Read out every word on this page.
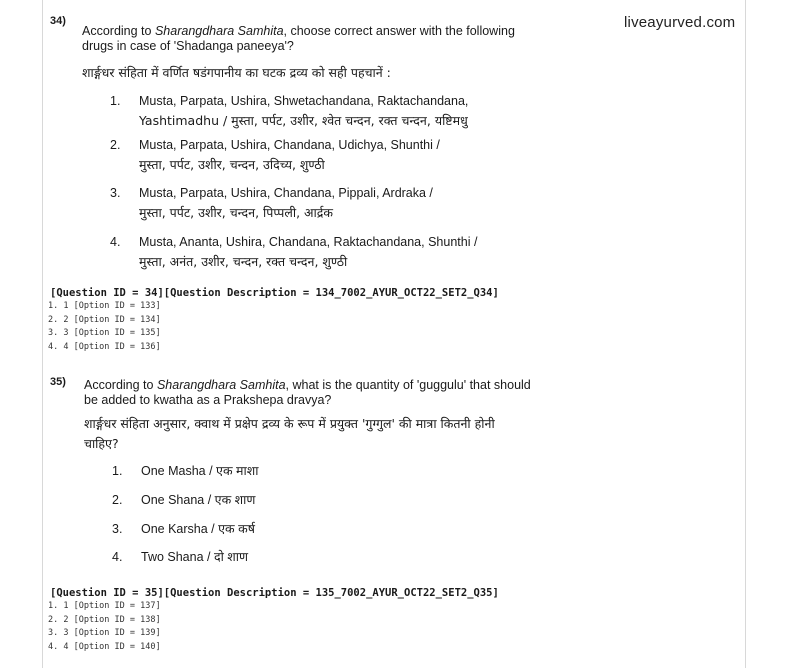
liveayurved.com
34)
According to Sharangdhara Samhita, choose correct answer with the following
drugs in case of 'Shadanga paneeya'?
शार्ङ्गधर संहिता में वर्णित षडंगपानीय का घटक द्रव्य को सही पहचानें :
1. Musta, Parpata, Ushira, Shwetachandana, Raktachandana,
Yashtimadhu / मुस्ता, पर्पट, उशीर, श्वेत चन्दन, रक्त चन्दन, यष्टिमधु
2. Musta, Parpata, Ushira, Chandana, Udichya, Shunthi /
मुस्ता, पर्पट, उशीर, चन्दन, उदिच्य, शुण्ठी
3. Musta, Parpata, Ushira, Chandana, Pippali, Ardraka /
मुस्ता, पर्पट, उशीर, चन्दन, पिप्पली, आर्द्रक
4. Musta, Ananta, Ushira, Chandana, Raktachandana, Shunthi /
मुस्ता, अनंत, उशीर, चन्दन, रक्त चन्दन, शुण्ठी
[Question ID = 34][Question Description = 134_7002_AYUR_OCT22_SET2_Q34]
1. 1 [Option ID = 133]
2. 2 [Option ID = 134]
3. 3 [Option ID = 135]
4. 4 [Option ID = 136]
35) According to Sharangdhara Samhita, what is the quantity of 'guggulu' that should
be added to kwatha as a Prakshepa dravya?
शार्ङ्गधर संहिता अनुसार, क्वाथ में प्रक्षेप द्रव्य के रूप में प्रयुक्त 'गुग्गुल' की मात्रा कितनी होनी
चाहिए?
1. One Masha / एक माशा
2. One Shana / एक शाण
3. One Karsha / एक कर्ष
4. Two Shana / दो शाण
[Question ID = 35][Question Description = 135_7002_AYUR_OCT22_SET2_Q35]
1. 1 [Option ID = 137]
2. 2 [Option ID = 138]
3. 3 [Option ID = 139]
4. 4 [Option ID = 140]
